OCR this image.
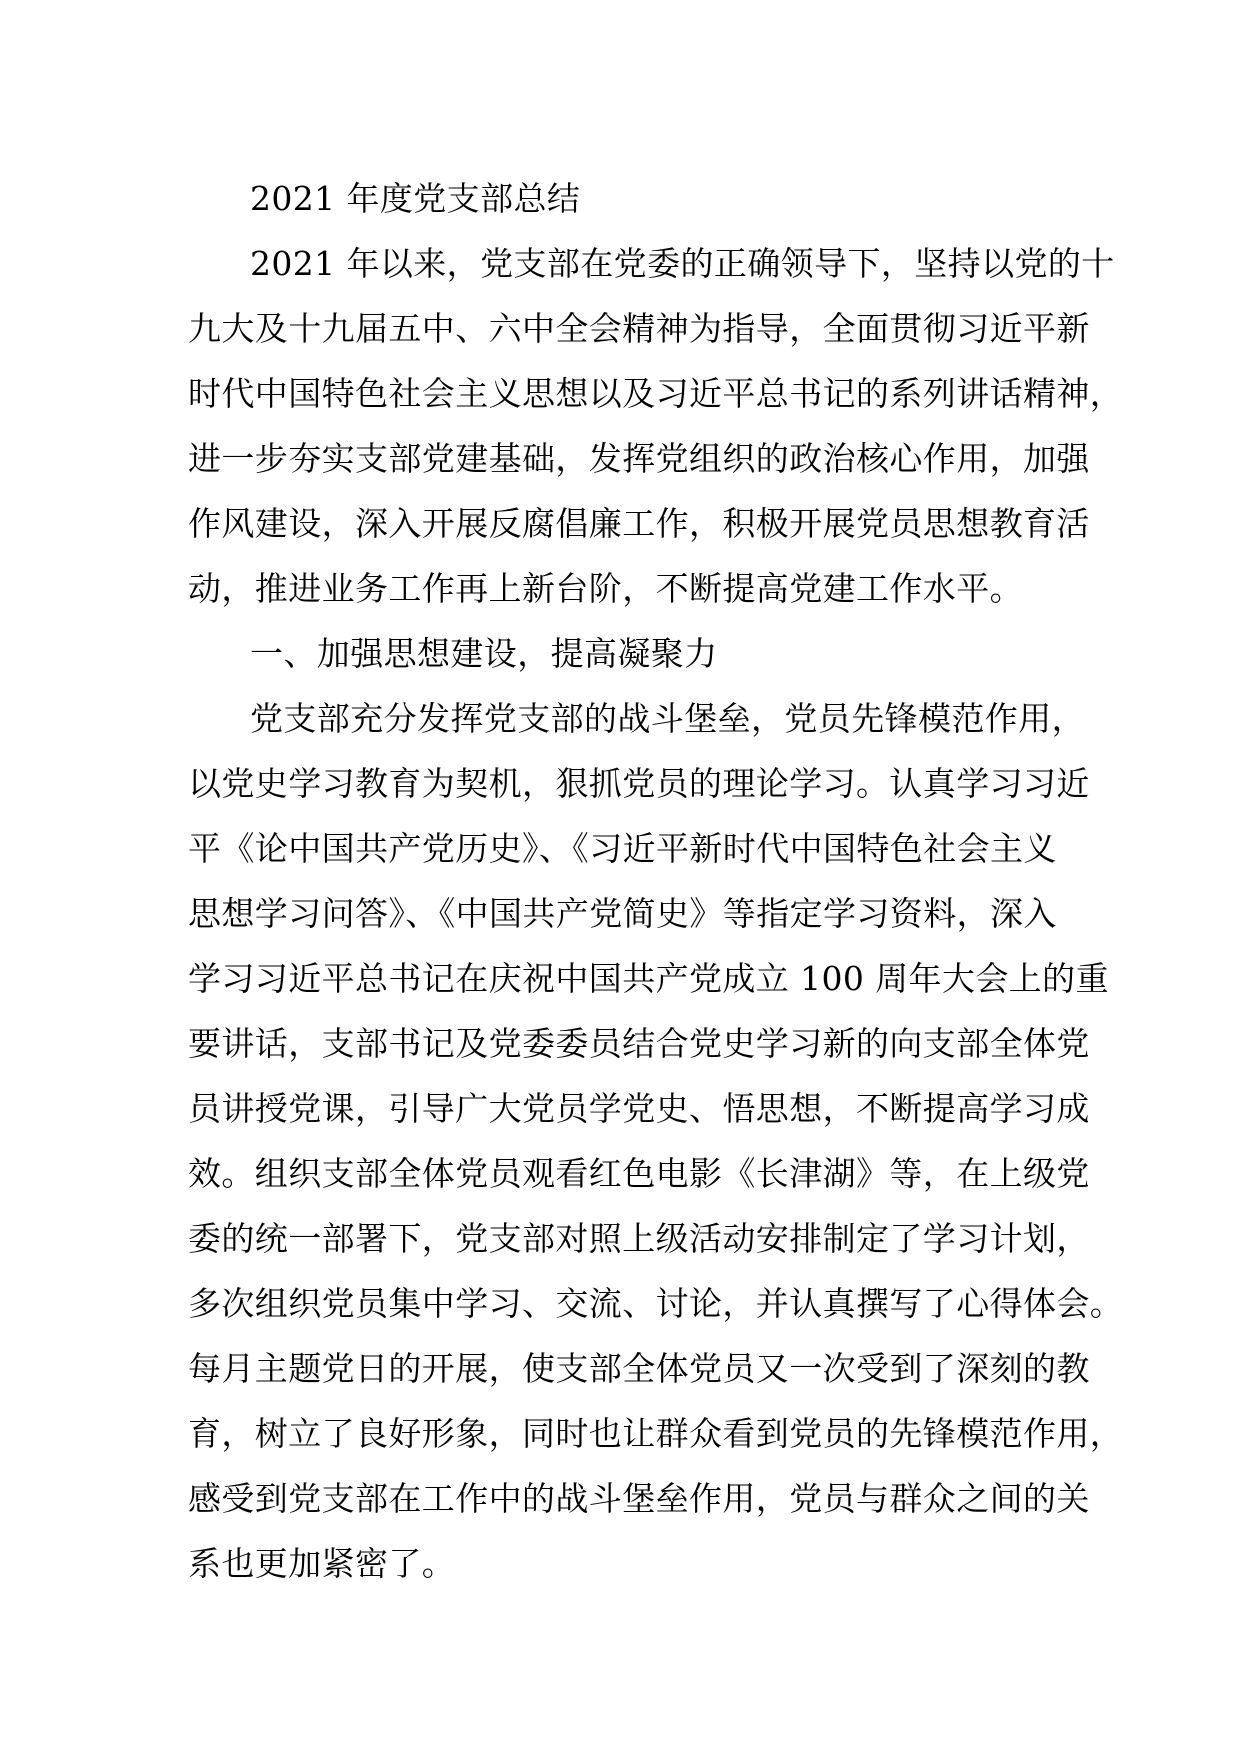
2021 年度党支部总结
2021 年以来，党支部在党委的正确领导下，坚持以党的十
九大及十九届五中、六中全会精神为指导，全面贯彻习近平新
时代中国特色社会主义思想以及习近平总书记的系列讲话精神，
进一步夯实支部党建基础，发挥党组织的政治核心作用，加强
作风建设，深入开展反腐倡廉工作，积极开展党员思想教育活
动，推进业务工作再上新台阶，不断提高党建工作水平。
一、加强思想建设，提高凝聚力
党支部充分发挥党支部的战斗堡垒，党员先锋模范作用，
以党史学习教育为契机，狠抓党员的理论学习。认真学习习近
平《论中国共产党历史》、《习近平新时代中国特色社会主义
思想学习问答》、《中国共产党简史》等指定学习资料，深入
学习习近平总书记在庆祝中国共产党成立 100 周年大会上的重
要讲话，支部书记及党委委员结合党史学习新的向支部全体党
员讲授党课，引导广大党员学党史、悟思想，不断提高学习成
效。组织支部全体党员观看红色电影《长津湖》等，在上级党
委的统一部署下，党支部对照上级活动安排制定了学习计划，
多次组织党员集中学习、交流、讨论，并认真撰写了心得体会。
每月主题党日的开展，使支部全体党员又一次受到了深刻的教
育，树立了良好形象，同时也让群众看到党员的先锋模范作用，
感受到党支部在工作中的战斗堡垒作用，党员与群众之间的关
系也更加紧密了。
